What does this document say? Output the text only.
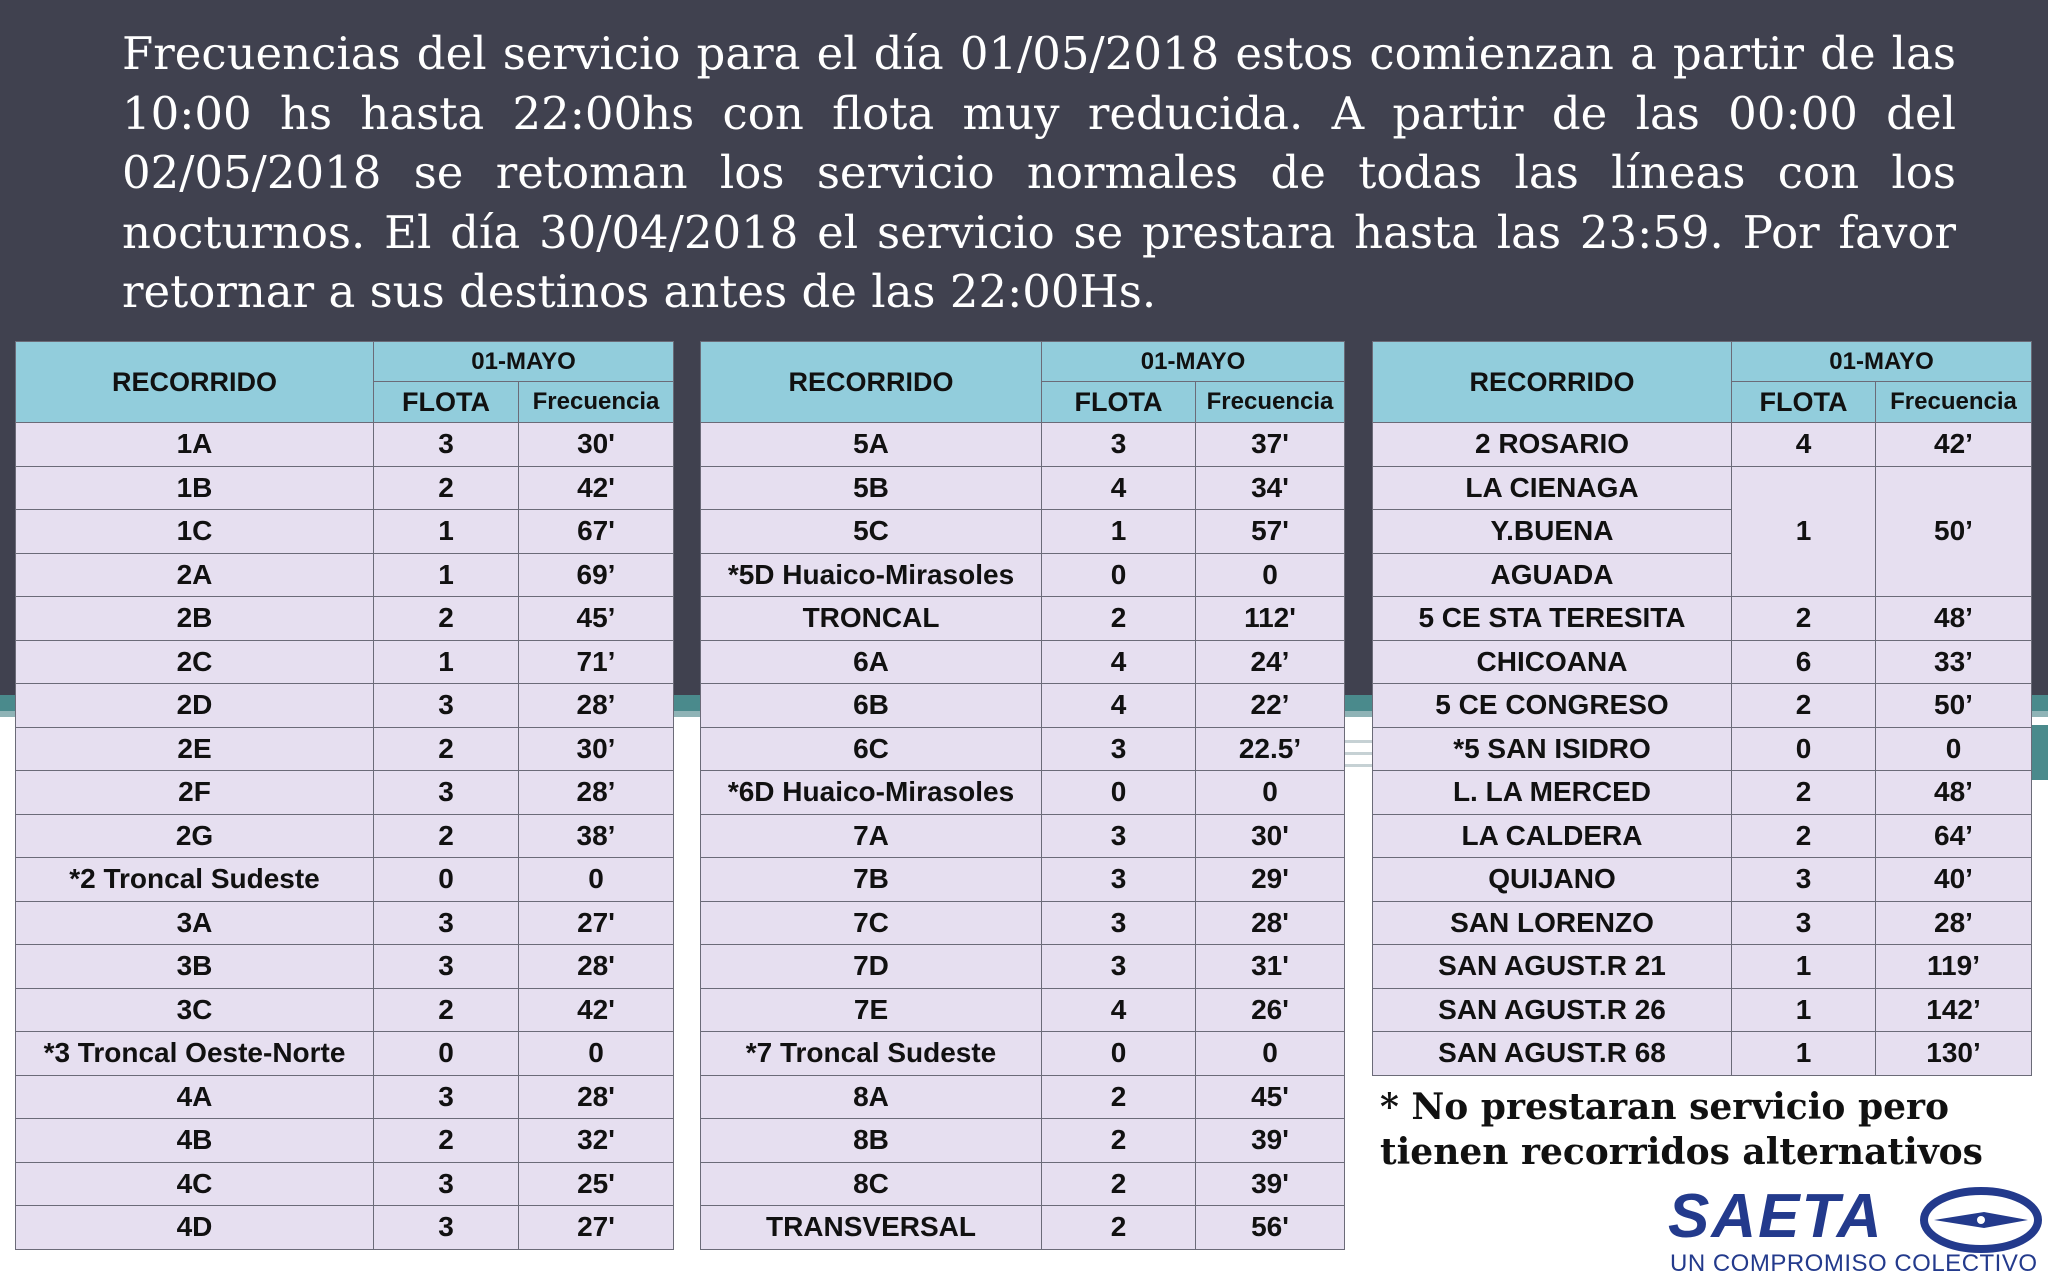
Frecuencias del servicio para el día 01/05/2018 estos comienzan a partir de las 10:00 hs hasta 22:00hs con flota muy reducida. A partir de las 00:00 del 02/05/2018 se retoman los servicio normales de todas las líneas con los nocturnos. El día 30/04/2018 el servicio se prestara hasta las 23:59. Por favor retornar a sus destinos antes de las 22:00Hs.

RECORRIDO	01-MAYO	
	FLOTA	Frecuencia
1A	3	30'
1B	2	42'
1C	1	67'
2A	1	69’
2B	2	45’
2C	1	71’
2D	3	28’
2E	2	30’
2F	3	28’
2G	2	38’
*2 Troncal Sudeste	0	0
3A	3	27'
3B	3	28'
3C	2	42'
*3 Troncal Oeste-Norte	0	0
4A	3	28'
4B	2	32'
4C	3	25'
4D	3	27'
RECORRIDO	01-MAYO	
	FLOTA	Frecuencia
5A	3	37'
5B	4	34'
5C	1	57'
*5D Huaico-Mirasoles	0	0
TRONCAL	2	112'
6A	4	24’
6B	4	22’
6C	3	22.5’
*6D Huaico-Mirasoles	0	0
7A	3	30'
7B	3	29'
7C	3	28'
7D	3	31'
7E	4	26'
*7 Troncal Sudeste	0	0
8A	2	45'
8B	2	39'
8C	2	39'
TRANSVERSAL	2	56'
RECORRIDO	01-MAYO	
	FLOTA	Frecuencia
2 ROSARIO	4	42’
LA CIENAGA	1	50’
Y.BUENA		
AGUADA		
5 CE STA TERESITA	2	48’
CHICOANA	6	33’
5 CE CONGRESO	2	50’
*5 SAN ISIDRO	0	0
L. LA MERCED	2	48’
LA CALDERA	2	64’
QUIJANO	3	40’
SAN LORENZO	3	28’
SAN AGUST.R 21	1	119’
SAN AGUST.R 26	1	142’
SAN AGUST.R 68	1	130’

* No prestaran servicio pero tienen recorridos alternativos

SAETA
UN COMPROMISO COLECTIVO
